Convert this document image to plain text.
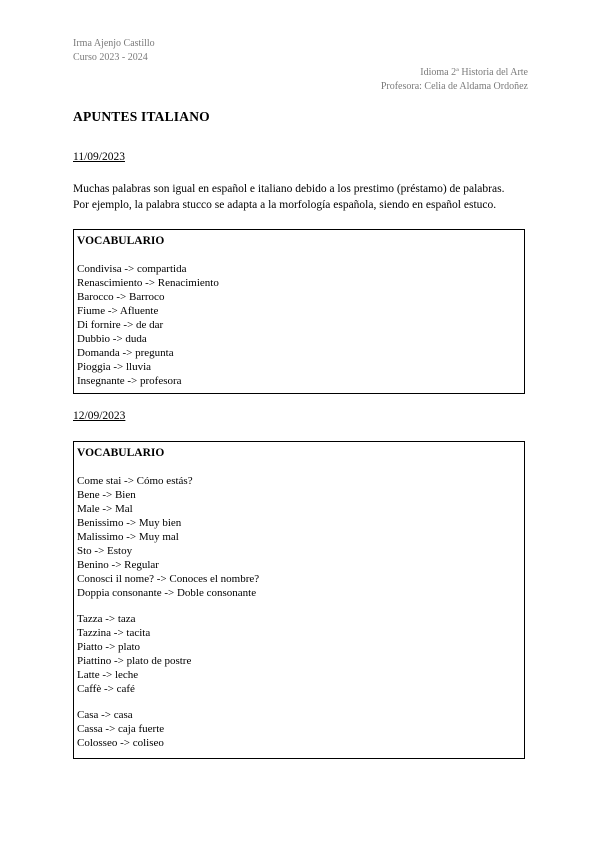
Irma Ajenjo Castillo
Curso 2023 - 2024
Idioma 2ª Historia del Arte
Profesora: Celia de Aldama Ordoñez
APUNTES ITALIANO
11/09/2023
Muchas palabras son igual en español e italiano debido a los prestimo (préstamo) de palabras.
Por ejemplo, la palabra stucco se adapta a la morfología española, siendo en español estuco.
VOCABULARIO
Condivisa -> compartida
Renascimiento -> Renacimiento
Barocco -> Barroco
Fiume -> Afluente
Di fornire -> de dar
Dubbio -> duda
Domanda -> pregunta
Pioggia -> lluvia
Insegnante -> profesora
12/09/2023
VOCABULARIO
Come stai -> Cómo estás?
Bene -> Bien
Male -> Mal
Benissimo -> Muy bien
Malissimo -> Muy mal
Sto -> Estoy
Benino -> Regular
Conosci il nome? -> Conoces el nombre?
Doppia consonante -> Doble consonante
Tazza -> taza
Tazzina -> tacita
Piatto -> plato
Piattino -> plato de postre
Latte -> leche
Caffè -> café
Casa -> casa
Cassa -> caja fuerte
Colosseo -> coliseo
